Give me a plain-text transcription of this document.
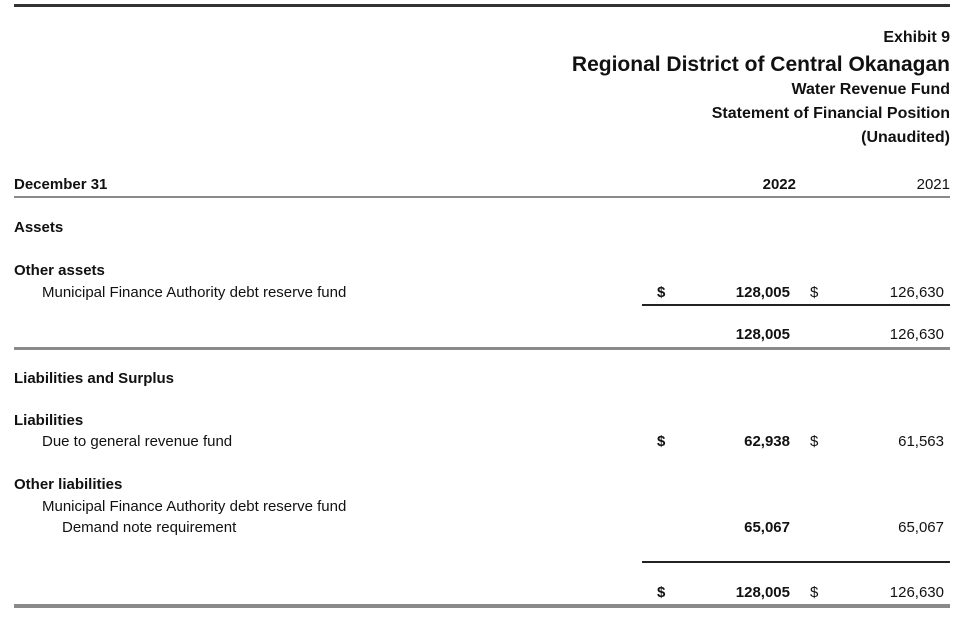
Exhibit 9
Regional District of Central Okanagan
Water Revenue Fund
Statement of Financial Position
(Unaudited)
December 31	2022	2021
Assets
Other assets
Municipal Finance Authority debt reserve fund	$	128,005 $	126,630
128,005	126,630
Liabilities and Surplus
Liabilities
Due to general revenue fund	$	62,938 $	61,563
Other liabilities
Municipal Finance Authority debt reserve fund
Demand note requirement	65,067	65,067
$	128,005 $	126,630
